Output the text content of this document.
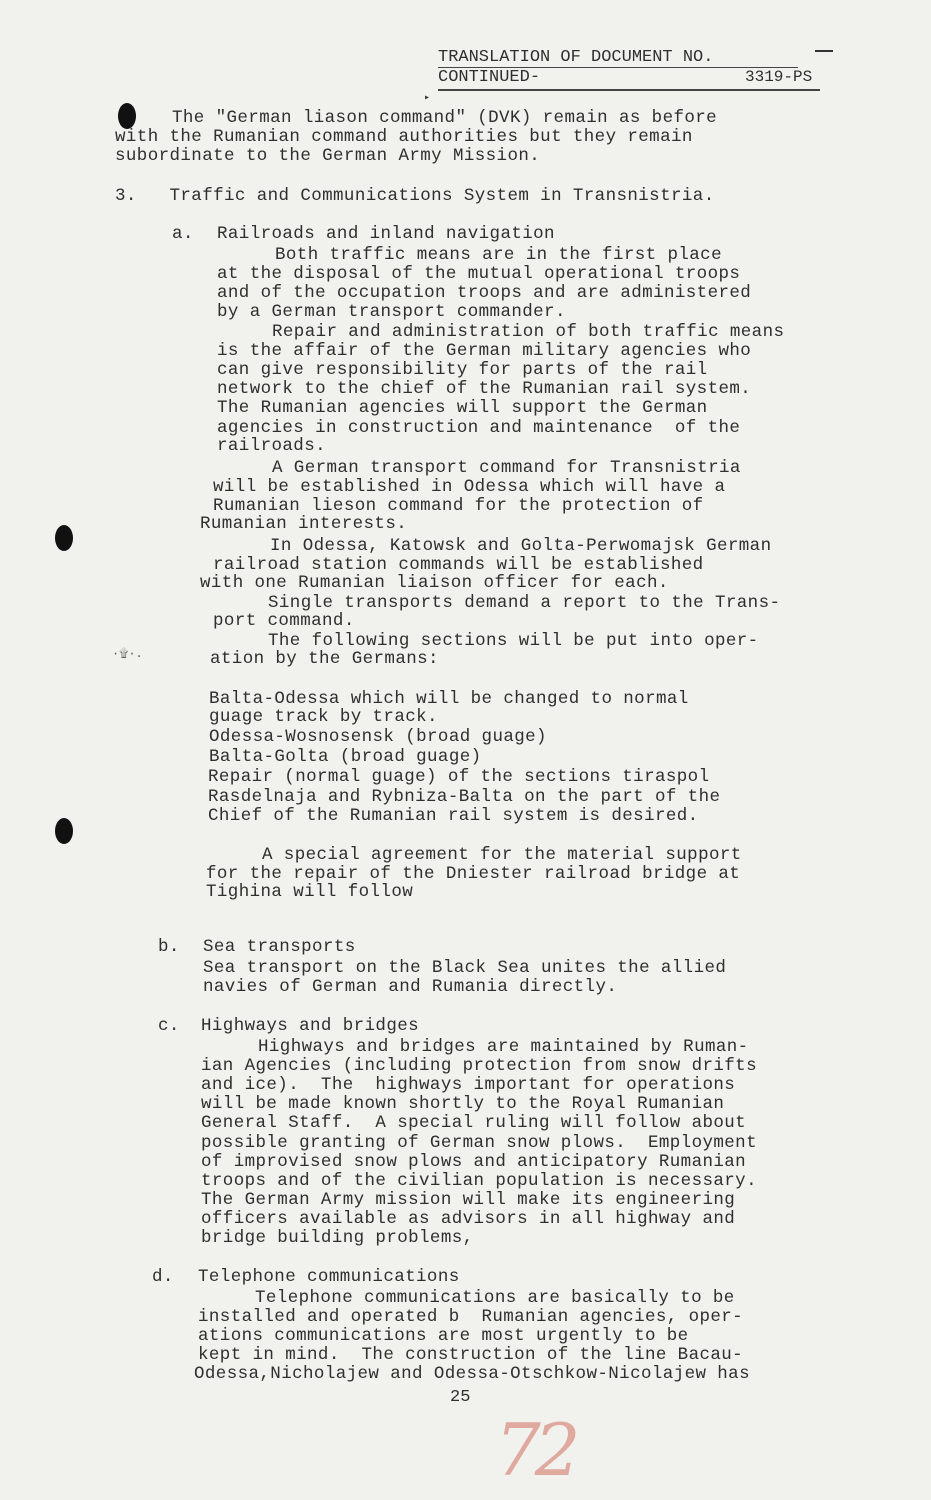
TRANSLATION OF DOCUMENT NO.
CONTINUED-	3319-PS
▸
·۩·.
The "German liason command" (DVK) remain as before
with the Rumanian command authorities but they remain
subordinate to the German Army Mission.
3.   Traffic and Communications System in Transnistria.
a. Railroads and inland navigation
Both traffic means are in the first place
at the disposal of the mutual operational troops
and of the occupation troops and are administered
by a German transport commander.
Repair and administration of both traffic means
is the affair of the German military agencies who
can give responsibility for parts of the rail
network to the chief of the Rumanian rail system.
The Rumanian agencies will support the German
agencies in construction and maintenance  of the
railroads.
A German transport command for Transnistria
will be established in Odessa which will have a
Rumanian lieson command for the protection of
Rumanian interests.
In Odessa, Katowsk and Golta-Perwomajsk German
railroad station commands will be established
with one Rumanian liaison officer for each.
Single transports demand a report to the Trans-
port command.
The following sections will be put into oper-
ation by the Germans:
Balta-Odessa which will be changed to normal
guage track by track.
Odessa-Wosnosensk (broad guage)
Balta-Golta (broad guage)
Repair (normal guage) of the sections tiraspol
Rasdelnaja and Rybniza-Balta on the part of the
Chief of the Rumanian rail system is desired.
A special agreement for the material support
for the repair of the Dniester railroad bridge at
Tighina will follow
b. Sea transports
Sea transport on the Black Sea unites the allied
navies of German and Rumania directly.
c. Highways and bridges
Highways and bridges are maintained by Ruman-
ian Agencies (including protection from snow drifts
and ice).  The  highways important for operations
will be made known shortly to the Royal Rumanian
General Staff.  A special ruling will follow about
possible granting of German snow plows.  Employment
of improvised snow plows and anticipatory Rumanian
troops and of the civilian population is necessary.
The German Army mission will make its engineering
officers available as advisors in all highway and
bridge building problems,
d. Telephone communications
Telephone communications are basically to be
installed and operated b  Rumanian agencies, oper-
ations communications are most urgently to be
kept in mind.  The construction of the line Bacau-
Odessa,Nicholajew and Odessa-Otschkow-Nicolajew has
25
72
